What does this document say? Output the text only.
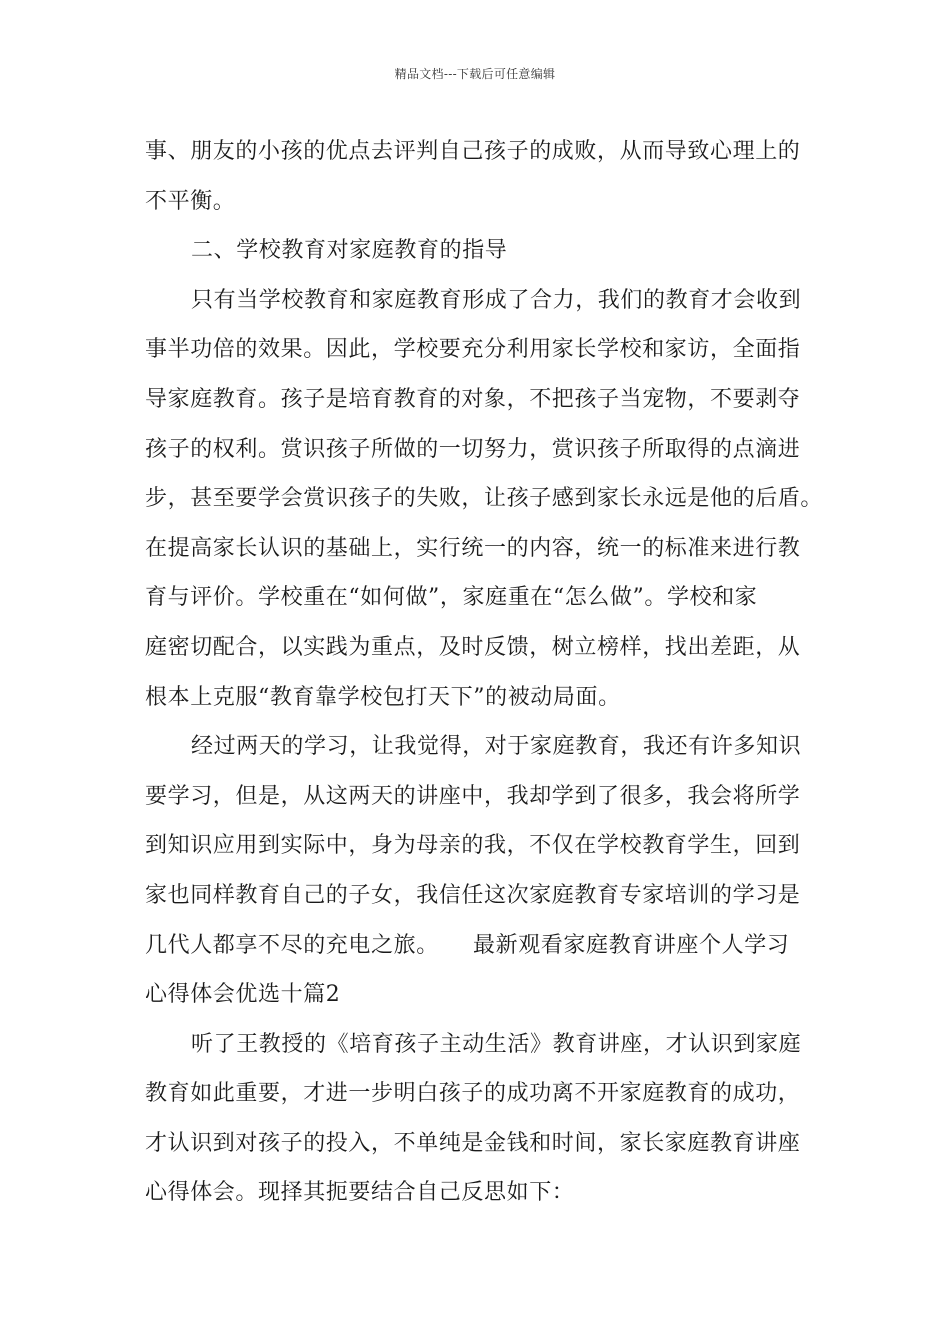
精品文档---下载后可任意编辑
事、朋友的小孩的优点去评判自己孩子的成败，从而导致心理上的
不平衡。
二、学校教育对家庭教育的指导
只有当学校教育和家庭教育形成了合力，我们的教育才会收到
事半功倍的效果。因此，学校要充分利用家长学校和家访，全面指
导家庭教育。孩子是培育教育的对象，不把孩子当宠物，不要剥夺
孩子的权利。赏识孩子所做的一切努力，赏识孩子所取得的点滴进
步，甚至要学会赏识孩子的失败，让孩子感到家长永远是他的后盾。
在提高家长认识的基础上，实行统一的内容，统一的标准来进行教
育与评价。学校重在“如何做”，家庭重在“怎么做”。学校和家
庭密切配合，以实践为重点，及时反馈，树立榜样，找出差距，从
根本上克服“教育靠学校包打天下”的被动局面。
经过两天的学习，让我觉得，对于家庭教育，我还有许多知识
要学习，但是，从这两天的讲座中，我却学到了很多，我会将所学
到知识应用到实际中，身为母亲的我，不仅在学校教育学生，回到
家也同样教育自己的子女，我信任这次家庭教育专家培训的学习是
几代人都享不尽的充电之旅。　　最新观看家庭教育讲座个人学习
心得体会优选十篇2
听了王教授的《培育孩子主动生活》教育讲座，才认识到家庭
教育如此重要，才进一步明白孩子的成功离不开家庭教育的成功，
才认识到对孩子的投入，不单纯是金钱和时间，家长家庭教育讲座
心得体会。现择其扼要结合自己反思如下：
